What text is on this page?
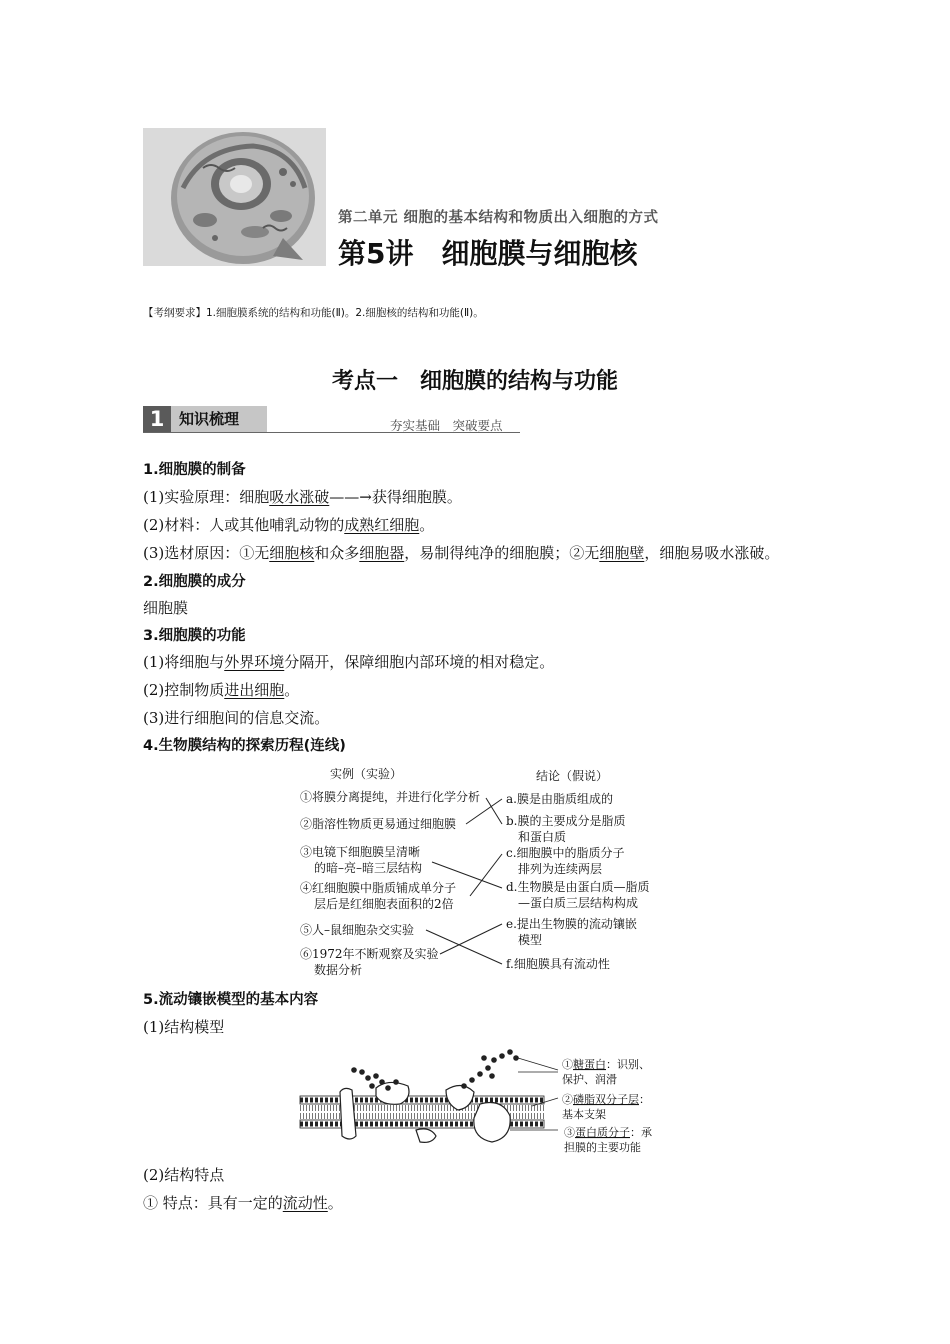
第二单元 细胞的基本结构和物质出入细胞的方式
第5讲　细胞膜与细胞核
【考纲要求】1.细胞膜系统的结构和功能(Ⅱ)。2.细胞核的结构和功能(Ⅱ)。
考点一　细胞膜的结构与功能
1 知识梳理	夯实基础　突破要点
1.细胞膜的制备
(1)实验原理：细胞吸水涨破——→获得细胞膜。
(2)材料：人或其他哺乳动物的成熟红细胞。
(3)选材原因：①无细胞核和众多细胞器，易制得纯净的细胞膜；②无细胞壁，细胞易吸水涨破。
2.细胞膜的成分
细胞膜
3.细胞膜的功能
(1)将细胞与外界环境分隔开，保障细胞内部环境的相对稳定。
(2)控制物质进出细胞。
(3)进行细胞间的信息交流。
4.生物膜结构的探索历程(连线)
实例（实验）	结论（假说）
①将膜分离提纯，并进行化学分析
②脂溶性物质更易通过细胞膜
③电镜下细胞膜呈清晰
的暗–亮–暗三层结构
④红细胞膜中脂质铺成单分子
层后是红细胞表面积的2倍
⑤人–鼠细胞杂交实验
⑥1972年不断观察及实验
数据分析
a.膜是由脂质组成的
b.膜的主要成分是脂质
和蛋白质
c.细胞膜中的脂质分子
排列为连续两层
d.生物膜是由蛋白质—脂质
—蛋白质三层结构构成
e.提出生物膜的流动镶嵌
模型
f.细胞膜具有流动性
5.流动镶嵌模型的基本内容
(1)结构模型
①糖蛋白：识别、
保护、润滑
②磷脂双分子层：
基本支架
③蛋白质分子：承
担膜的主要功能
(2)结构特点
① 特点：具有一定的流动性。
